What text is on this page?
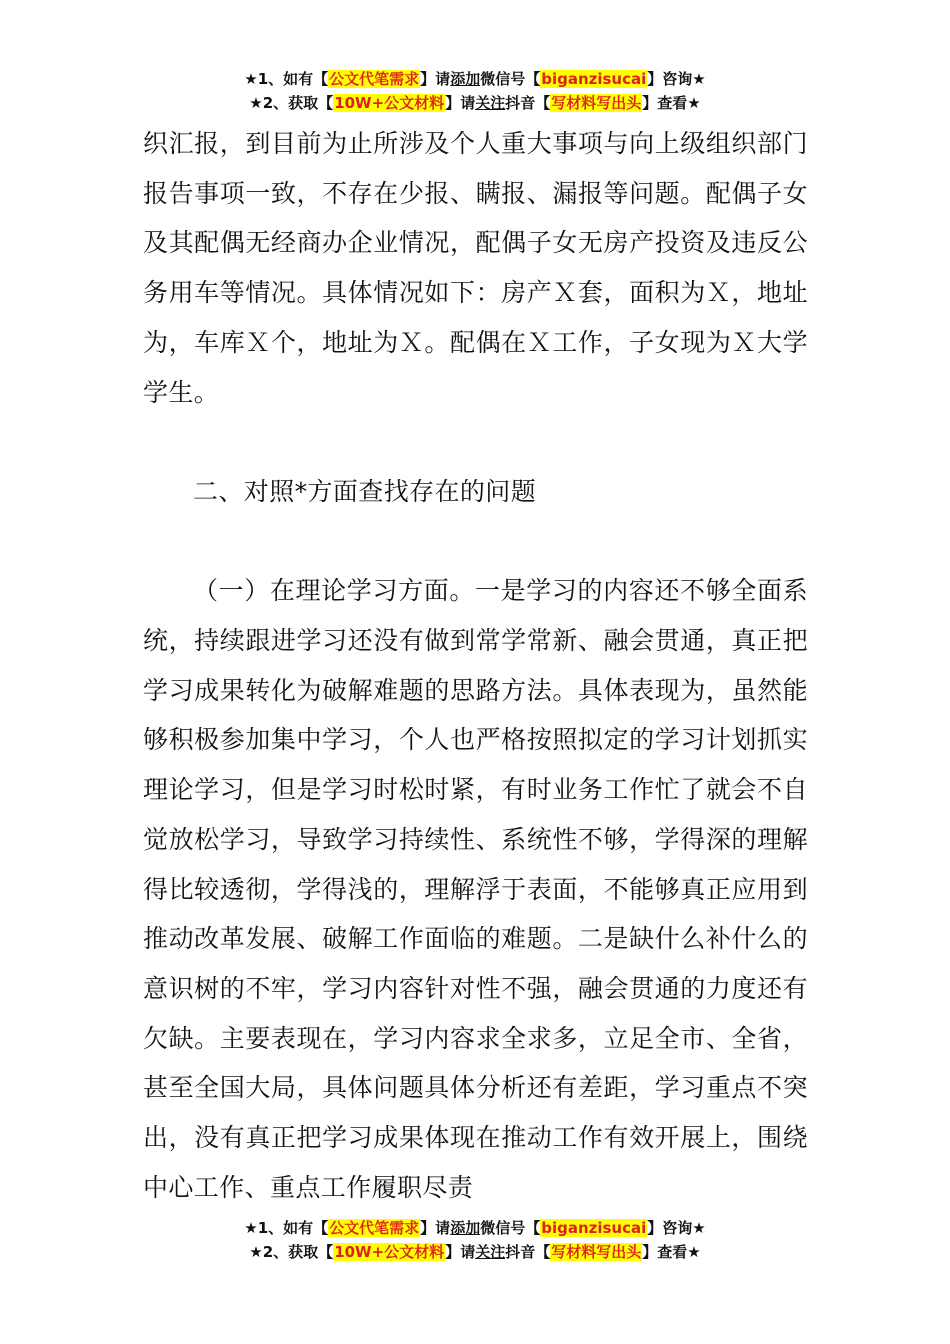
★1、如有【公文代笔需求】请添加微信号【biganzisucai】咨询★
★2、获取【10W+公文材料】请关注抖音【写材料写出头】查看★

织汇报，到目前为止所涉及个人重大事项与向上级组织部门报告事项一致，不存在少报、瞒报、漏报等问题。配偶子女及其配偶无经商办企业情况，配偶子女无房产投资及违反公务用车等情况。具体情况如下：房产Ｘ套，面积为Ｘ，地址为，车库Ｘ个，地址为Ｘ。配偶在Ｘ工作，子女现为Ｘ大学学生。

二、对照*方面查找存在的问题

（一）在理论学习方面。一是学习的内容还不够全面系统，持续跟进学习还没有做到常学常新、融会贯通，真正把学习成果转化为破解难题的思路方法。具体表现为，虽然能够积极参加集中学习，个人也严格按照拟定的学习计划抓实理论学习，但是学习时松时紧，有时业务工作忙了就会不自觉放松学习，导致学习持续性、系统性不够，学得深的理解得比较透彻，学得浅的，理解浮于表面，不能够真正应用到推动改革发展、破解工作面临的难题。二是缺什么补什么的意识树的不牢，学习内容针对性不强，融会贯通的力度还有欠缺。主要表现在，学习内容求全求多，立足全市、全省，甚至全国大局，具体问题具体分析还有差距，学习重点不突出，没有真正把学习成果体现在推动工作有效开展上，围绕中心工作、重点工作履职尽责

★1、如有【公文代笔需求】请添加微信号【biganzisucai】咨询★
★2、获取【10W+公文材料】请关注抖音【写材料写出头】查看★
